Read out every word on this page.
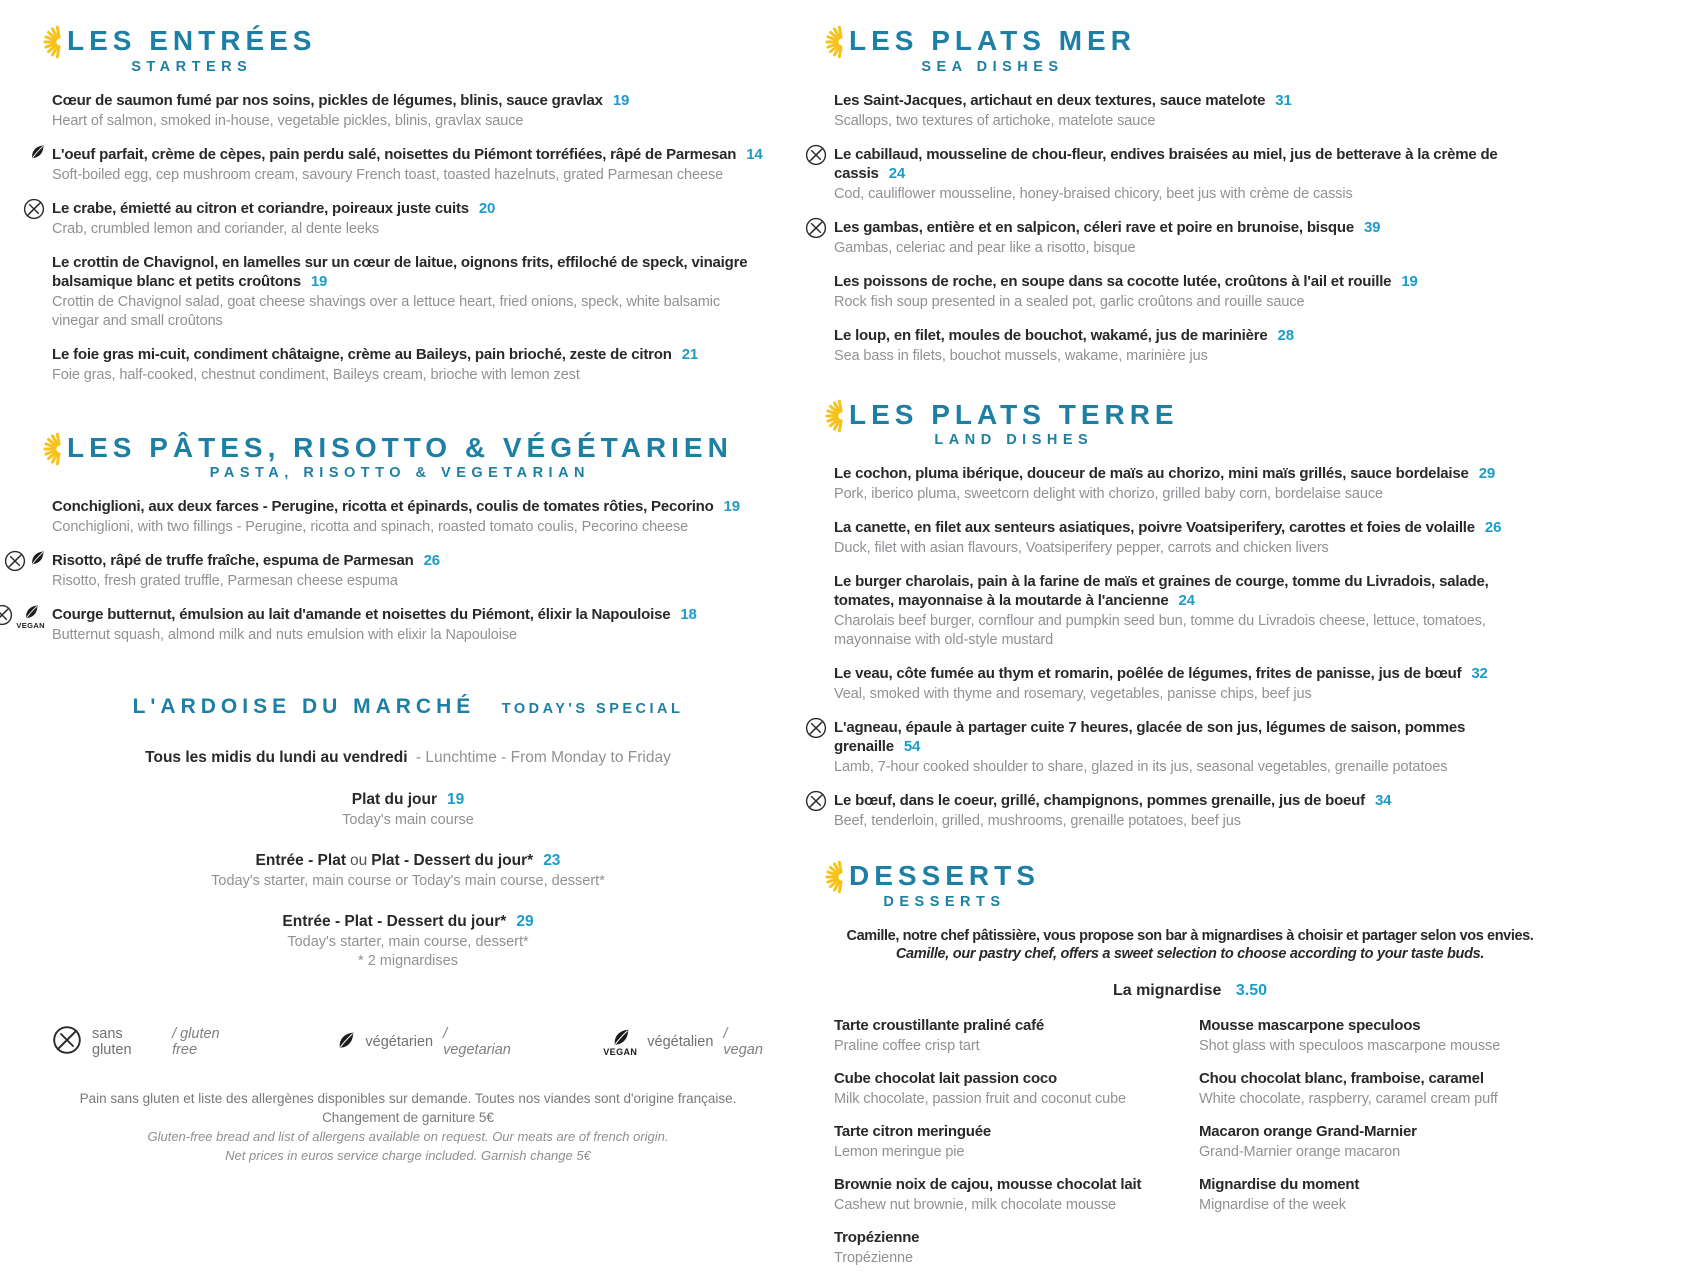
LES ENTRÉES
STARTERS

Cœur de saumon fumé par nos soins, pickles de légumes, blinis, sauce gravlax 19

Heart of salmon, smoked in-house, vegetable pickles, blinis, gravlax sauce

L'oeuf parfait, crème de cèpes, pain perdu salé, noisettes du Piémont torréfiées, râpé de Parmesan 14

Soft-boiled egg, cep mushroom cream, savoury French toast, toasted hazelnuts, grated Parmesan cheese

Le crabe, émietté au citron et coriandre, poireaux juste cuits 20

Crab, crumbled lemon and coriander, al dente leeks

Le crottin de Chavignol, en lamelles sur un cœur de laitue, oignons frits, effiloché de speck, vinaigre balsamique blanc et petits croûtons 19

Crottin de Chavignol salad, goat cheese shavings over a lettuce heart, fried onions, speck, white balsamic vinegar and small croûtons

Le foie gras mi-cuit, condiment châtaigne, crème au Baileys, pain brioché, zeste de citron 21

Foie gras, half-cooked, chestnut condiment, Baileys cream, brioche with lemon zest

LES PÂTES, RISOTTO & VÉGÉTARIEN
PASTA, RISOTTO & VEGETARIAN

Conchiglioni, aux deux farces - Perugine, ricotta et épinards, coulis de tomates rôties, Pecorino 19

Conchiglioni, with two fillings - Perugine, ricotta and spinach, roasted tomato coulis, Pecorino cheese

Risotto, râpé de truffe fraîche, espuma de Parmesan 26

Risotto, fresh grated truffle, Parmesan cheese espuma

VEGAN

Courge butternut, émulsion au lait d'amande et noisettes du Piémont, élixir la Napouloise 18

Butternut squash, almond milk and nuts emulsion with elixir la Napouloise

L'ARDOISE DU MARCHÉ TODAY'S SPECIAL

Tous les midis du lundi au vendredi - Lunchtime - From Monday to Friday

Plat du jour 19

Today's main course

Entrée - Plat ou Plat - Dessert du jour* 23

Today's starter, main course or Today's main course, dessert*

Entrée - Plat - Dessert du jour* 29

Today's starter, main course, dessert*

* 2 mignardises

sans gluten
/ gluten free	végétarien / vegetarian	VEGAN
végétalien / vegan

Pain sans gluten et liste des allergènes disponibles sur demande. Toutes nos viandes sont d'origine française.

Changement de garniture 5€

Gluten-free bread and list of allergens available on request. Our meats are of french origin.

Net prices in euros service charge included. Garnish change 5€

LES PLATS MER
SEA DISHES

Les Saint-Jacques, artichaut en deux textures, sauce matelote 31

Scallops, two textures of artichoke, matelote sauce

Le cabillaud, mousseline de chou-fleur, endives braisées au miel, jus de betterave à la crème de cassis 24

Cod, cauliflower mousseline, honey-braised chicory, beet jus with crème de cassis

Les gambas, entière et en salpicon, céleri rave et poire en brunoise, bisque 39

Gambas, celeriac and pear like a risotto, bisque

Les poissons de roche, en soupe dans sa cocotte lutée, croûtons à l'ail et rouille 19

Rock fish soup presented in a sealed pot, garlic croûtons and rouille sauce

Le loup, en filet, moules de bouchot, wakamé, jus de marinière 28

Sea bass in filets, bouchot mussels, wakame, marinière jus

LES PLATS TERRE
LAND DISHES

Le cochon, pluma ibérique, douceur de maïs au chorizo, mini maïs grillés, sauce bordelaise 29

Pork, iberico pluma, sweetcorn delight with chorizo, grilled baby corn, bordelaise sauce

La canette, en filet aux senteurs asiatiques, poivre Voatsiperifery, carottes et foies de volaille 26

Duck, filet with asian flavours, Voatsiperifery pepper, carrots and chicken livers

Le burger charolais, pain à la farine de maïs et graines de courge, tomme du Livradois, salade, tomates, mayonnaise à la moutarde à l'ancienne 24

Charolais beef burger, cornflour and pumpkin seed bun, tomme du Livradois cheese, lettuce, tomatoes, mayonnaise with old-style mustard

Le veau, côte fumée au thym et romarin, poêlée de légumes, frites de panisse, jus de bœuf 32

Veal, smoked with thyme and rosemary, vegetables, panisse chips, beef jus

L'agneau, épaule à partager cuite 7 heures, glacée de son jus, légumes de saison, pommes grenaille 54

Lamb, 7-hour cooked shoulder to share, glazed in its jus, seasonal vegetables, grenaille potatoes

Le bœuf, dans le coeur, grillé, champignons, pommes grenaille, jus de boeuf 34

Beef, tenderloin, grilled, mushrooms, grenaille potatoes, beef jus

DESSERTS
DESSERTS

Camille, notre chef pâtissière, vous propose son bar à mignardises à choisir et partager selon vos envies.

Camille, our pastry chef, offers a sweet selection to choose according to your taste buds.

La mignardise 3.50

Tarte croustillante praliné café

Praline coffee crisp tart

Cube chocolat lait passion coco

Milk chocolate, passion fruit and coconut cube

Tarte citron meringuée

Lemon meringue pie

Brownie noix de cajou, mousse chocolat lait

Cashew nut brownie, milk chocolate mousse

Tropézienne

Tropézienne

Mousse mascarpone speculoos

Shot glass with speculoos mascarpone mousse

Chou chocolat blanc, framboise, caramel

White chocolate, raspberry, caramel cream puff

Macaron orange Grand-Marnier

Grand-Marnier orange macaron

Mignardise du moment

Mignardise of the week
